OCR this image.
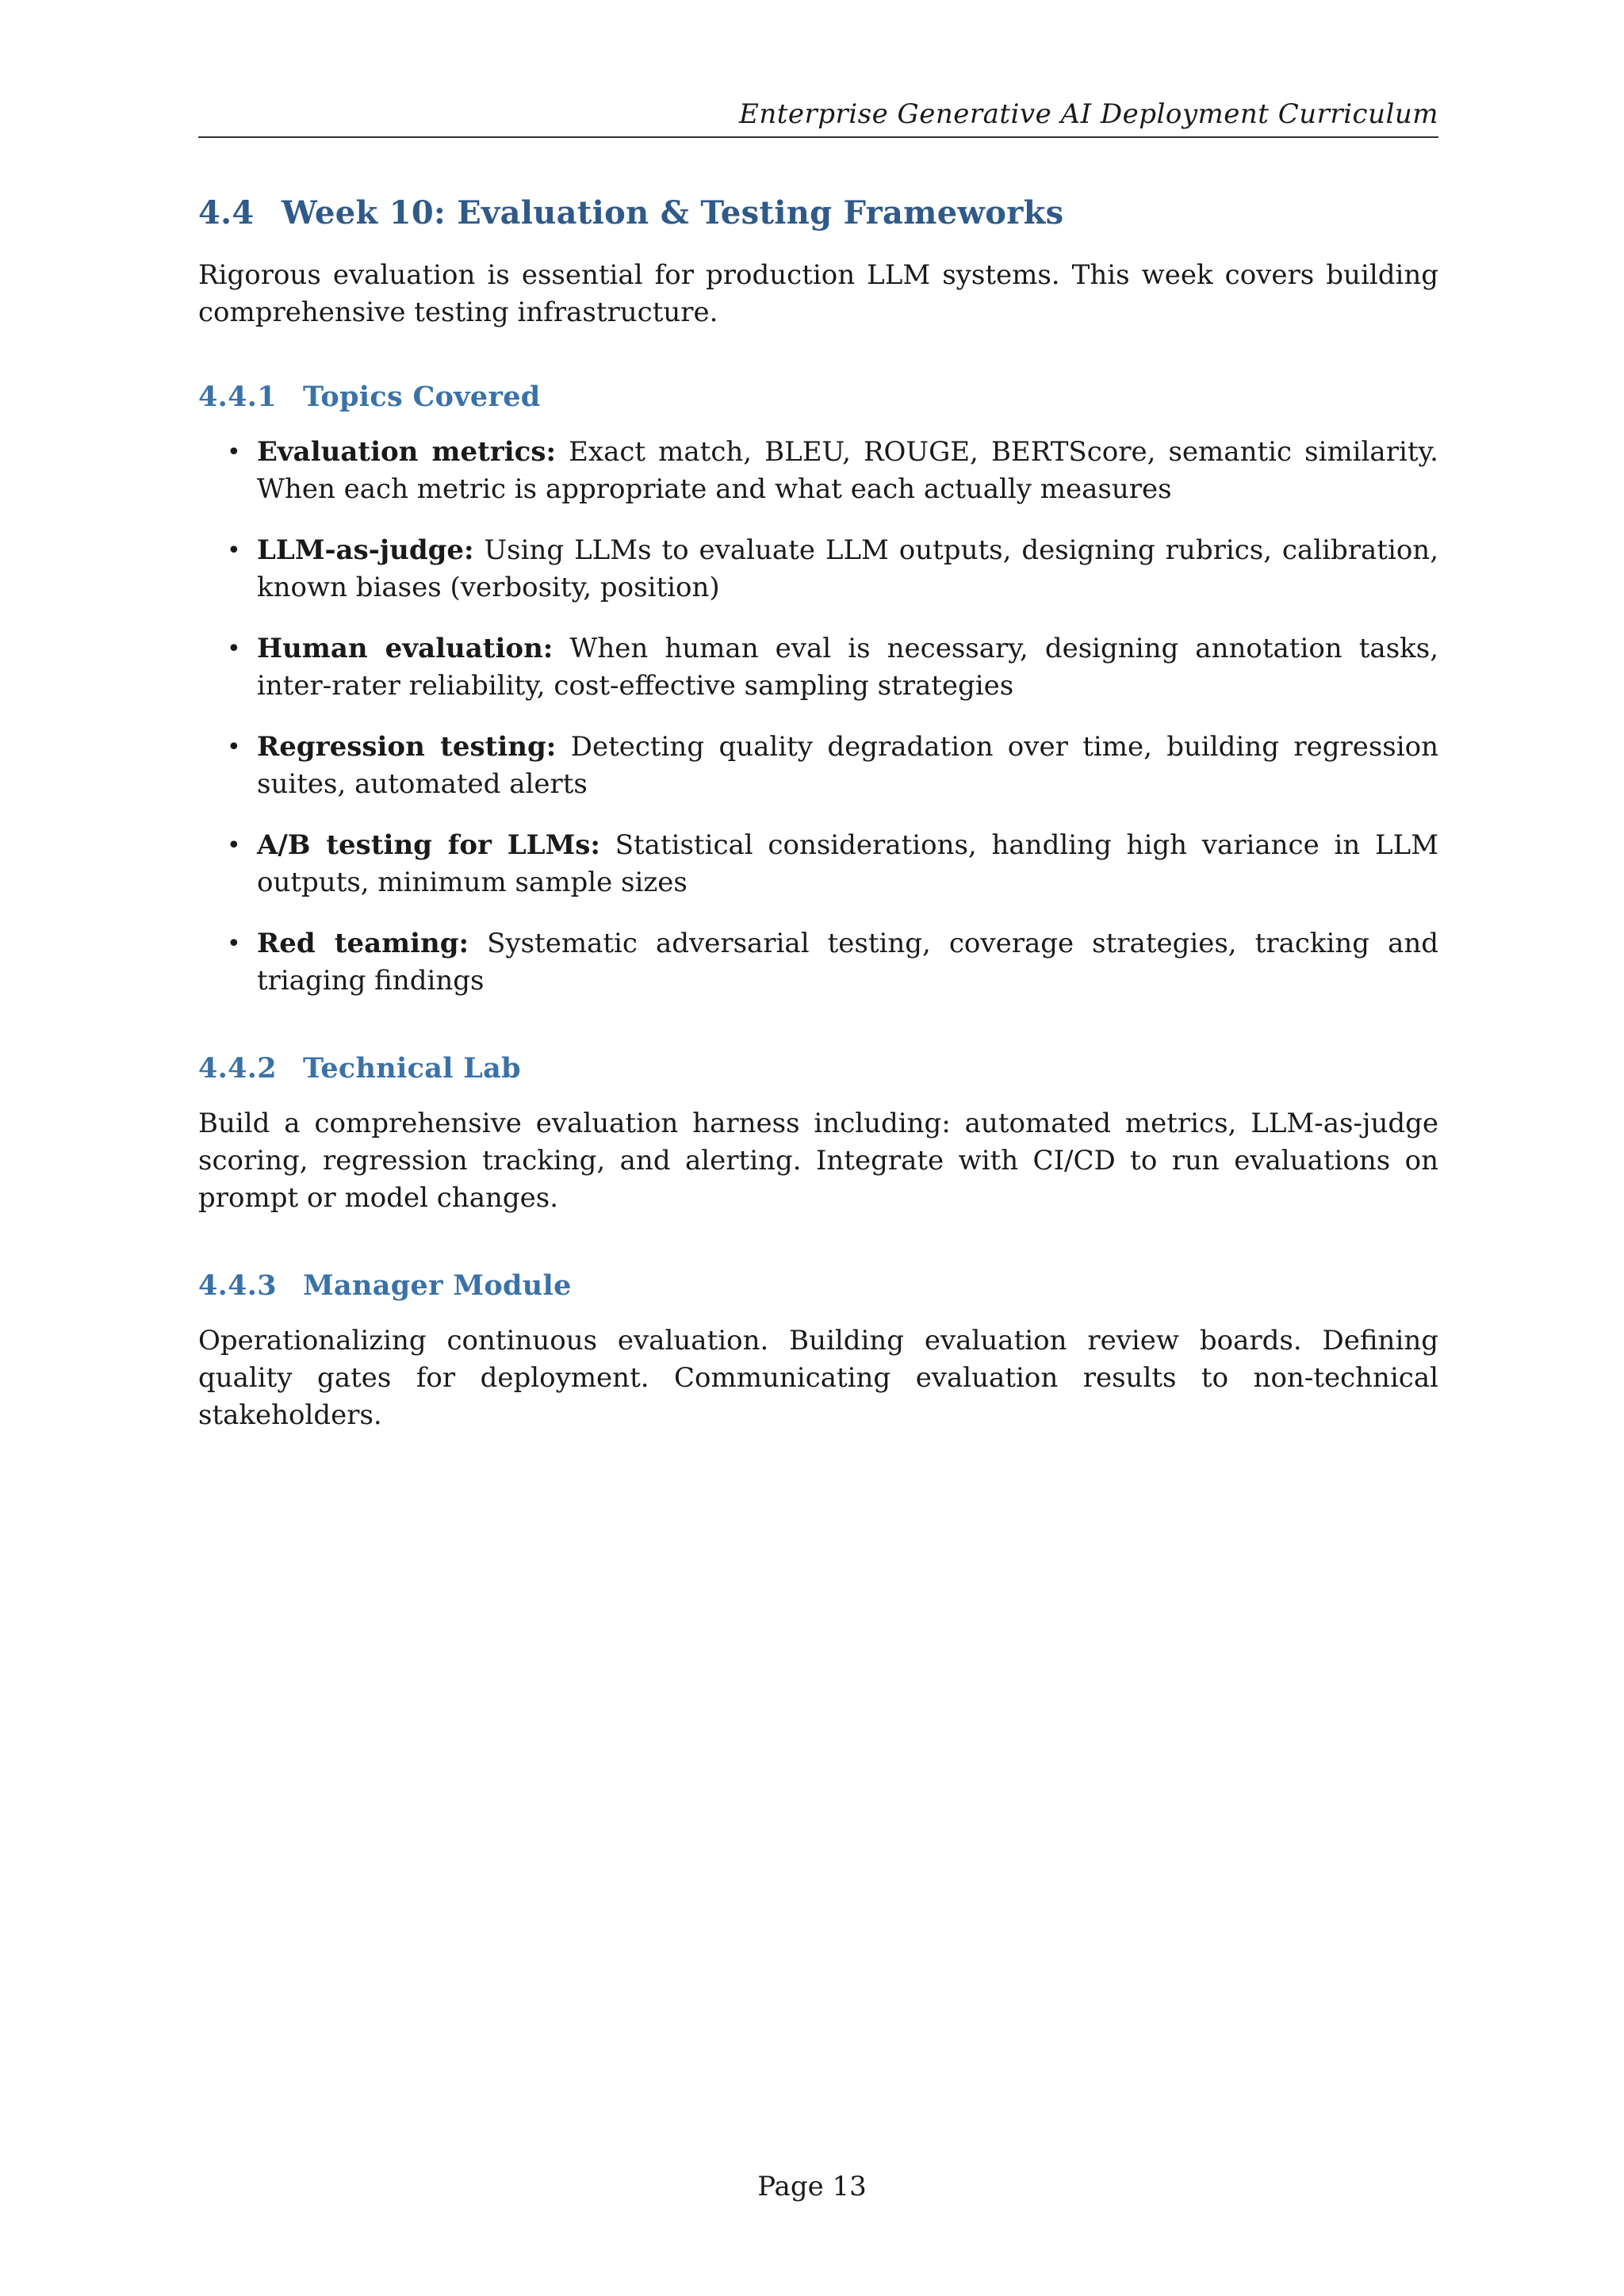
Enterprise Generative AI Deployment Curriculum
4.4 Week 10: Evaluation & Testing Frameworks

Rigorous evaluation is essential for production LLM systems. This week covers building comprehensive testing infrastructure.

4.4.1 Topics Covered
• Evaluation metrics: Exact match, BLEU, ROUGE, BERTScore, semantic similarity. When each metric is appropriate and what each actually measures
• LLM-as-judge: Using LLMs to evaluate LLM outputs, designing rubrics, calibration, known biases (verbosity, position)
• Human evaluation: When human eval is necessary, designing annotation tasks, inter-rater reliability, cost-effective sampling strategies
• Regression testing: Detecting quality degradation over time, building regression suites, automated alerts
• A/B testing for LLMs: Statistical considerations, handling high variance in LLM outputs, minimum sample sizes
• Red teaming: Systematic adversarial testing, coverage strategies, tracking and triaging findings
4.4.2 Technical Lab

Build a comprehensive evaluation harness including: automated metrics, LLM-as-judge scoring, regression tracking, and alerting. Integrate with CI/CD to run evaluations on prompt or model changes.

4.4.3 Manager Module

Operationalizing continuous evaluation. Building evaluation review boards. Defining quality gates for deployment. Communicating evaluation results to non-technical stakeholders.

Page 13
